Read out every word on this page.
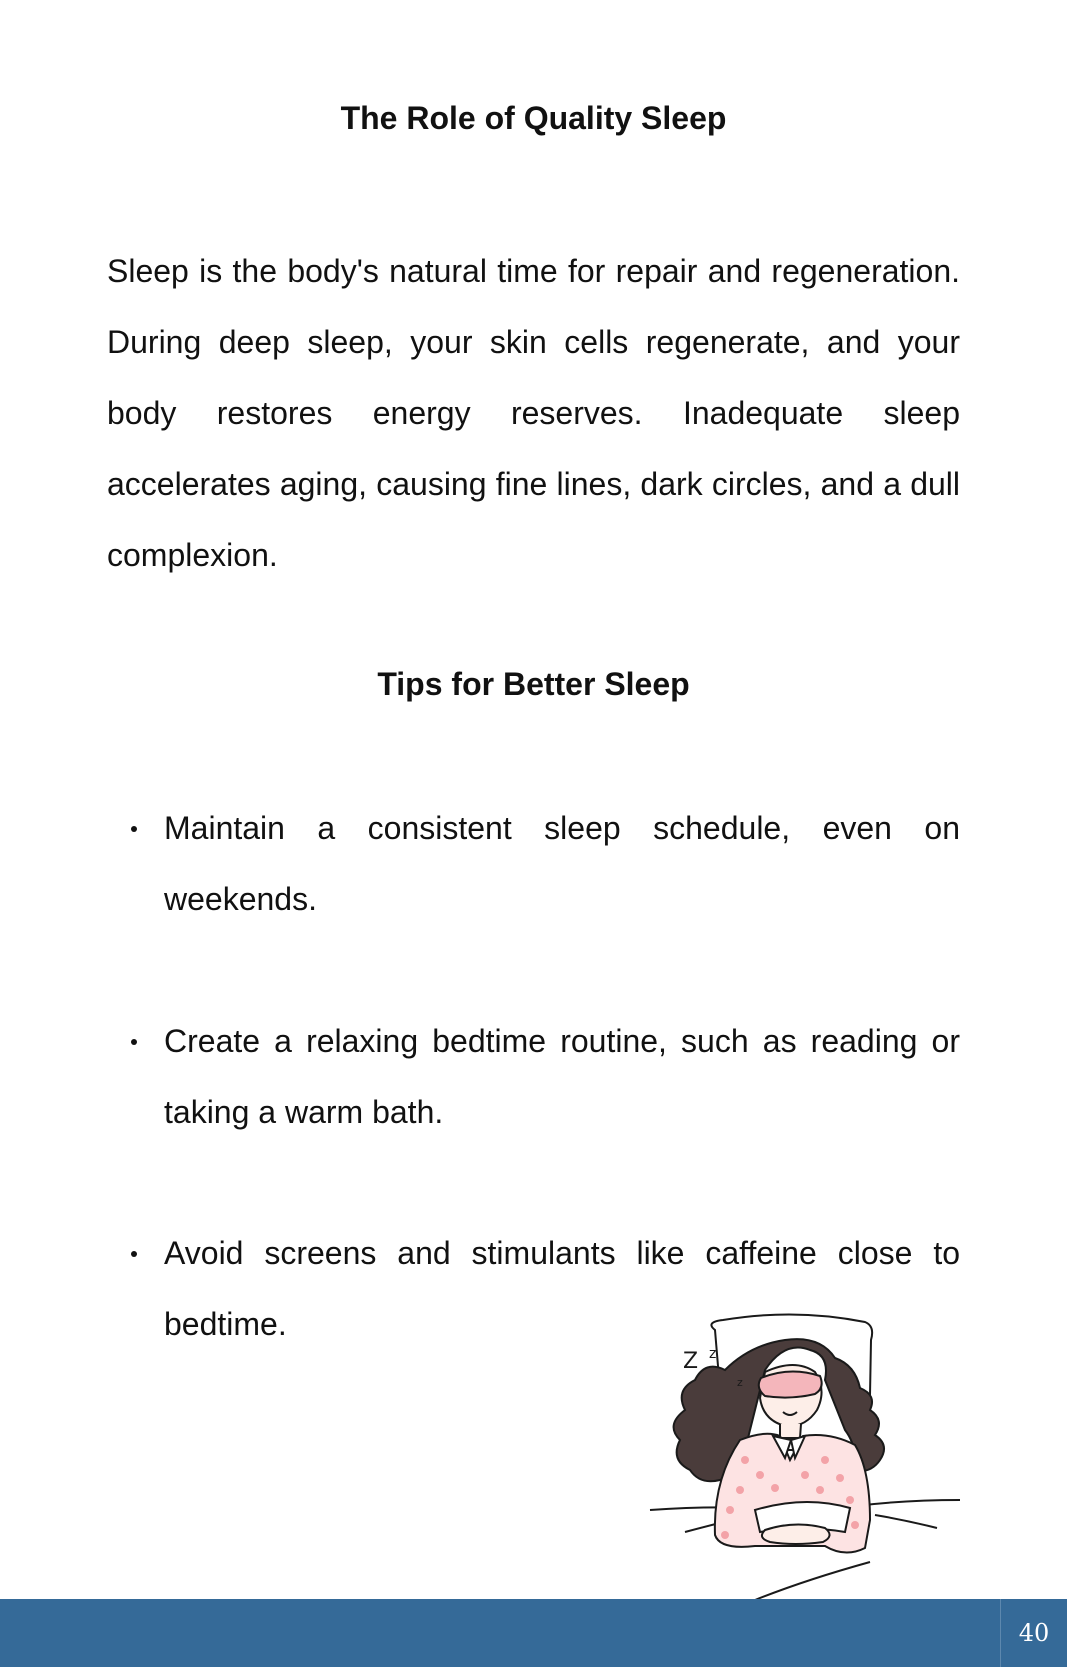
The Role of Quality Sleep

Sleep is the body's natural time for repair and regeneration. During deep sleep, your skin cells regenerate, and your body restores energy reserves. Inadequate sleep accelerates aging, causing fine lines, dark circles, and a dull complexion.

Tips for Better Sleep
Maintain a consistent sleep schedule, even on weekends.
Create a relaxing bedtime routine, such as reading or taking a warm bath.
Avoid screens and stimulants like caffeine close to bedtime.
Z z
z
40
